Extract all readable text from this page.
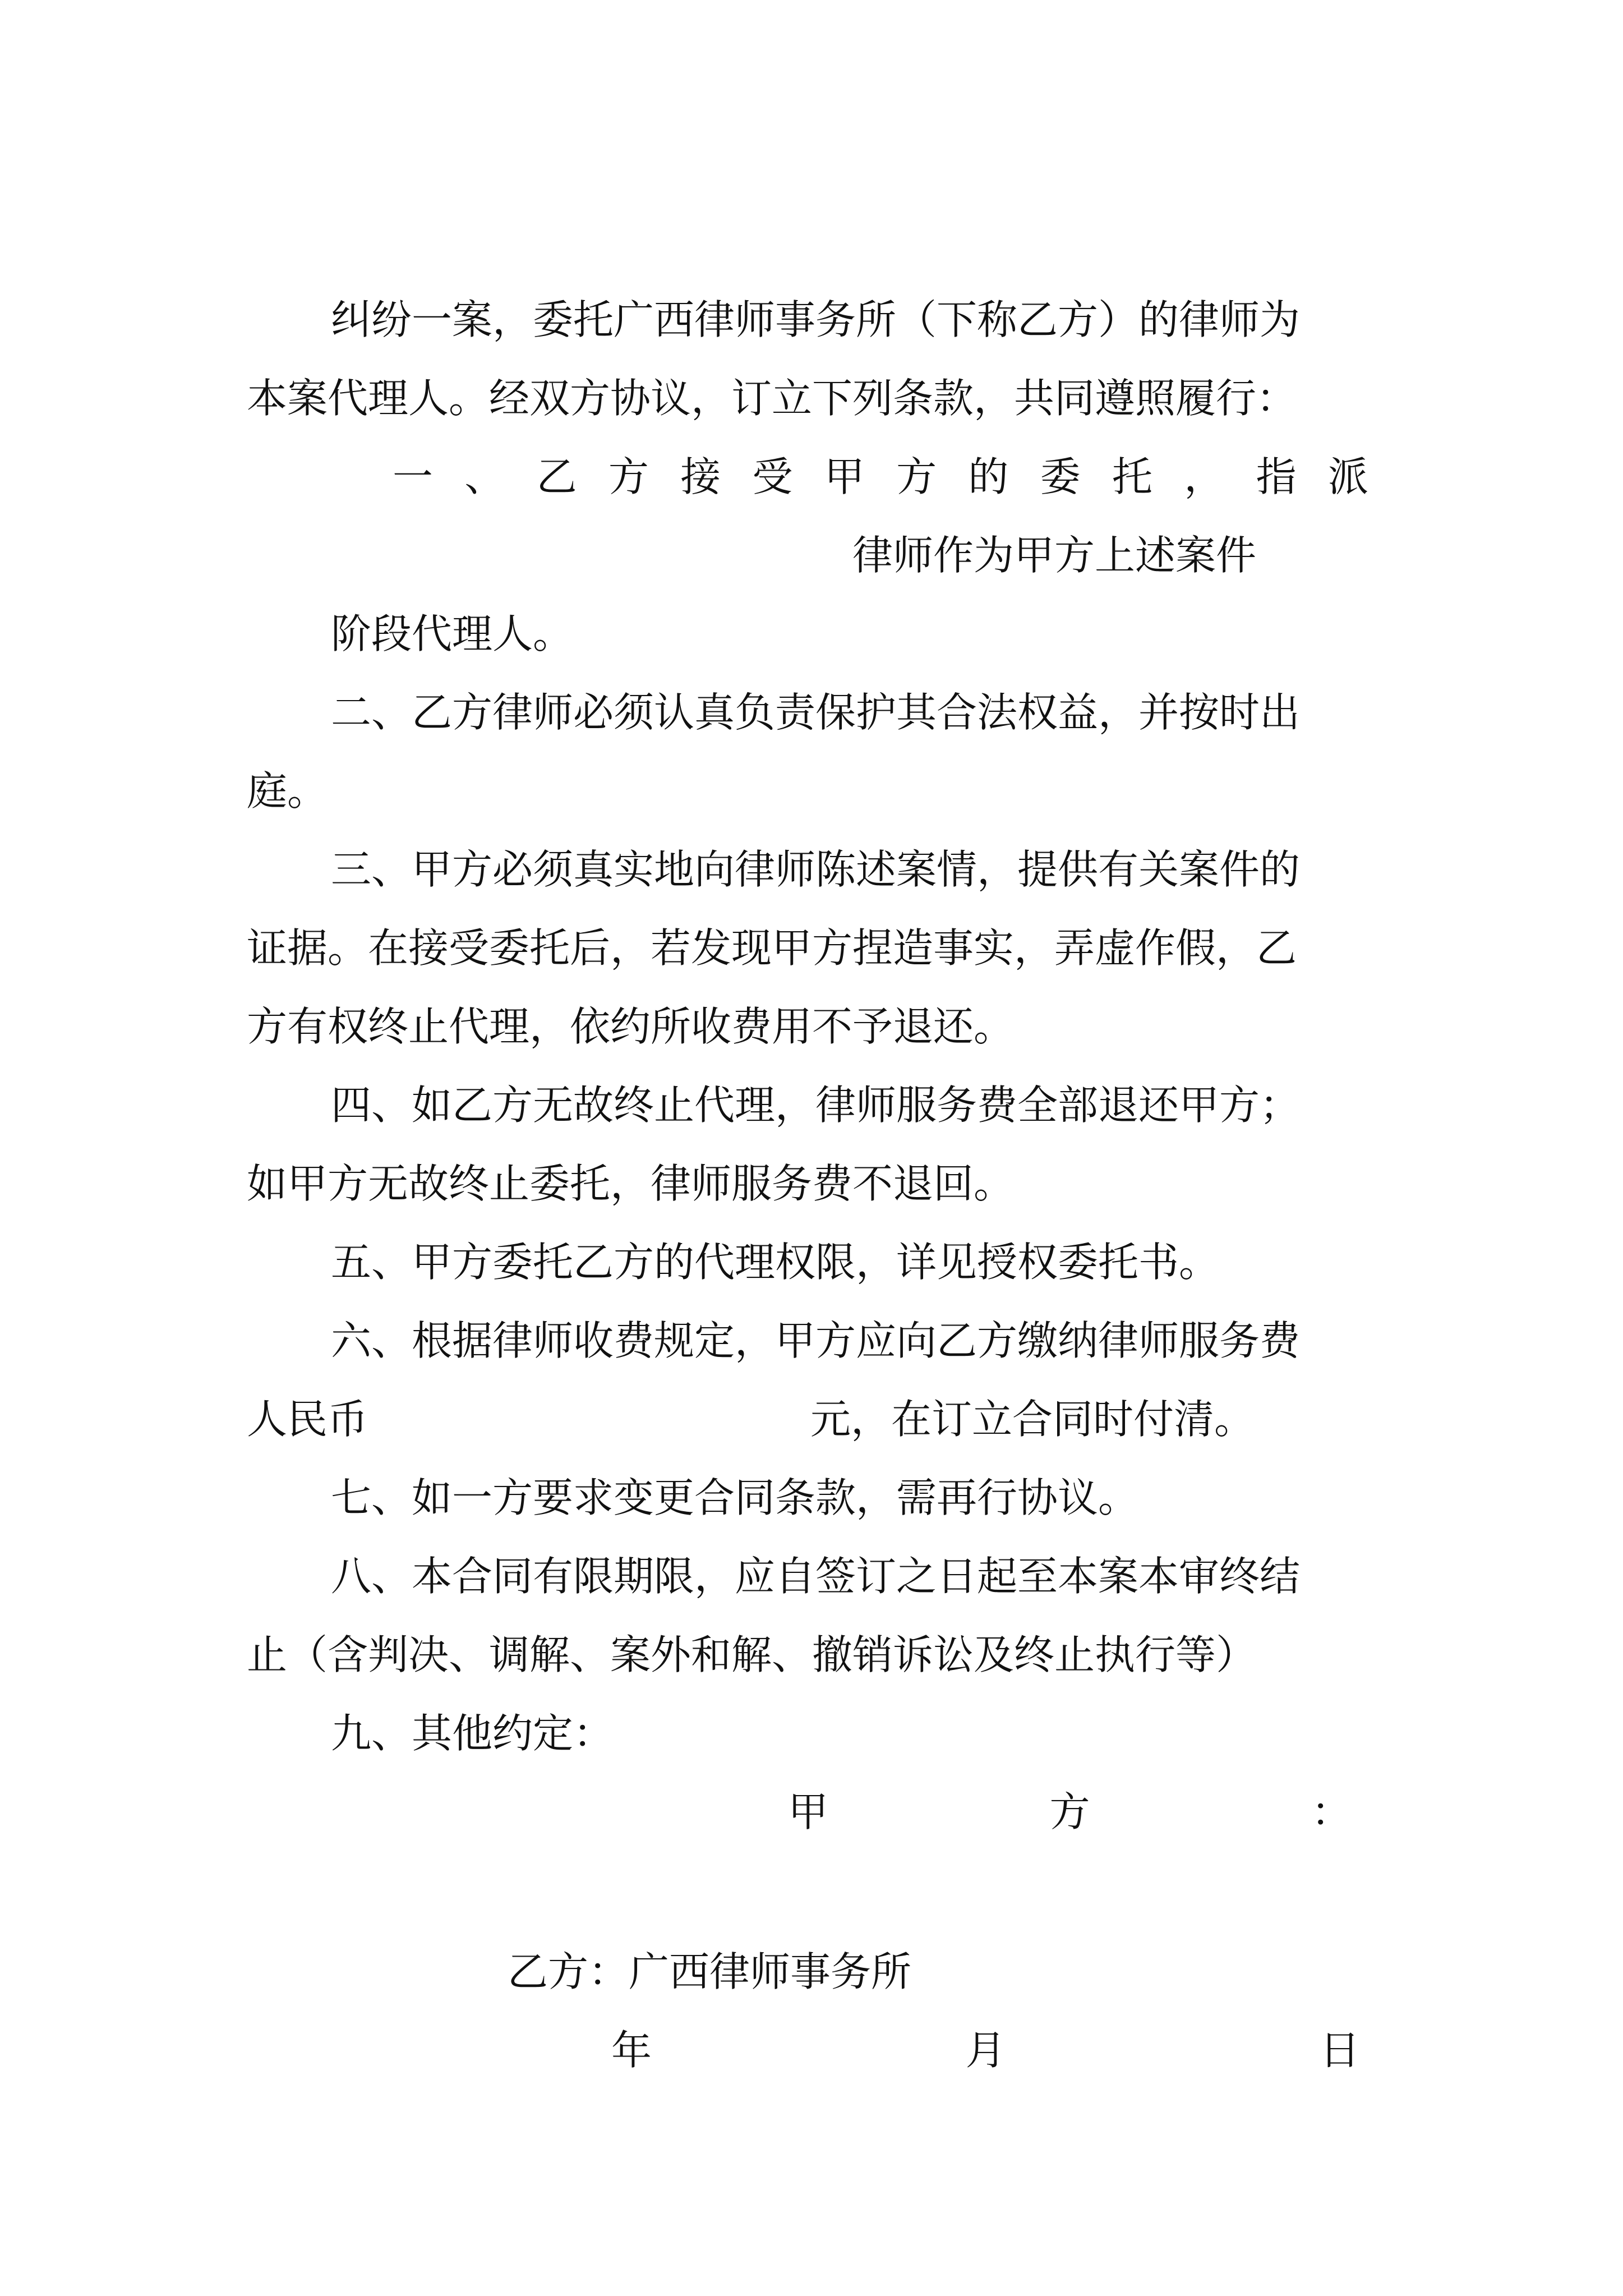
纠纷一案，委托广西律师事务所（下称乙方）的律师为
本案代理人。经双方协议，订立下列条款，共同遵照履行：
一 、 乙 方 接 受 甲 方 的 委 托 ， 指 派
律师作为甲方上述案件
阶段代理人。
二、乙方律师必须认真负责保护其合法权益，并按时出
庭。
三、甲方必须真实地向律师陈述案情，提供有关案件的
证据。在接受委托后，若发现甲方捏造事实，弄虚作假，乙
方有权终止代理，依约所收费用不予退还。
四、如乙方无故终止代理，律师服务费全部退还甲方；
如甲方无故终止委托，律师服务费不退回。
五、甲方委托乙方的代理权限，详见授权委托书。
六、根据律师收费规定，甲方应向乙方缴纳律师服务费
人民币	元，在订立合同时付清。
七、如一方要求变更合同条款，需再行协议。
八、本合同有限期限，应自签订之日起至本案本审终结
止（含判决、调解、案外和解、撤销诉讼及终止执行等）
九、其他约定：
甲	方	：
乙方：广西律师事务所
年	月	日
